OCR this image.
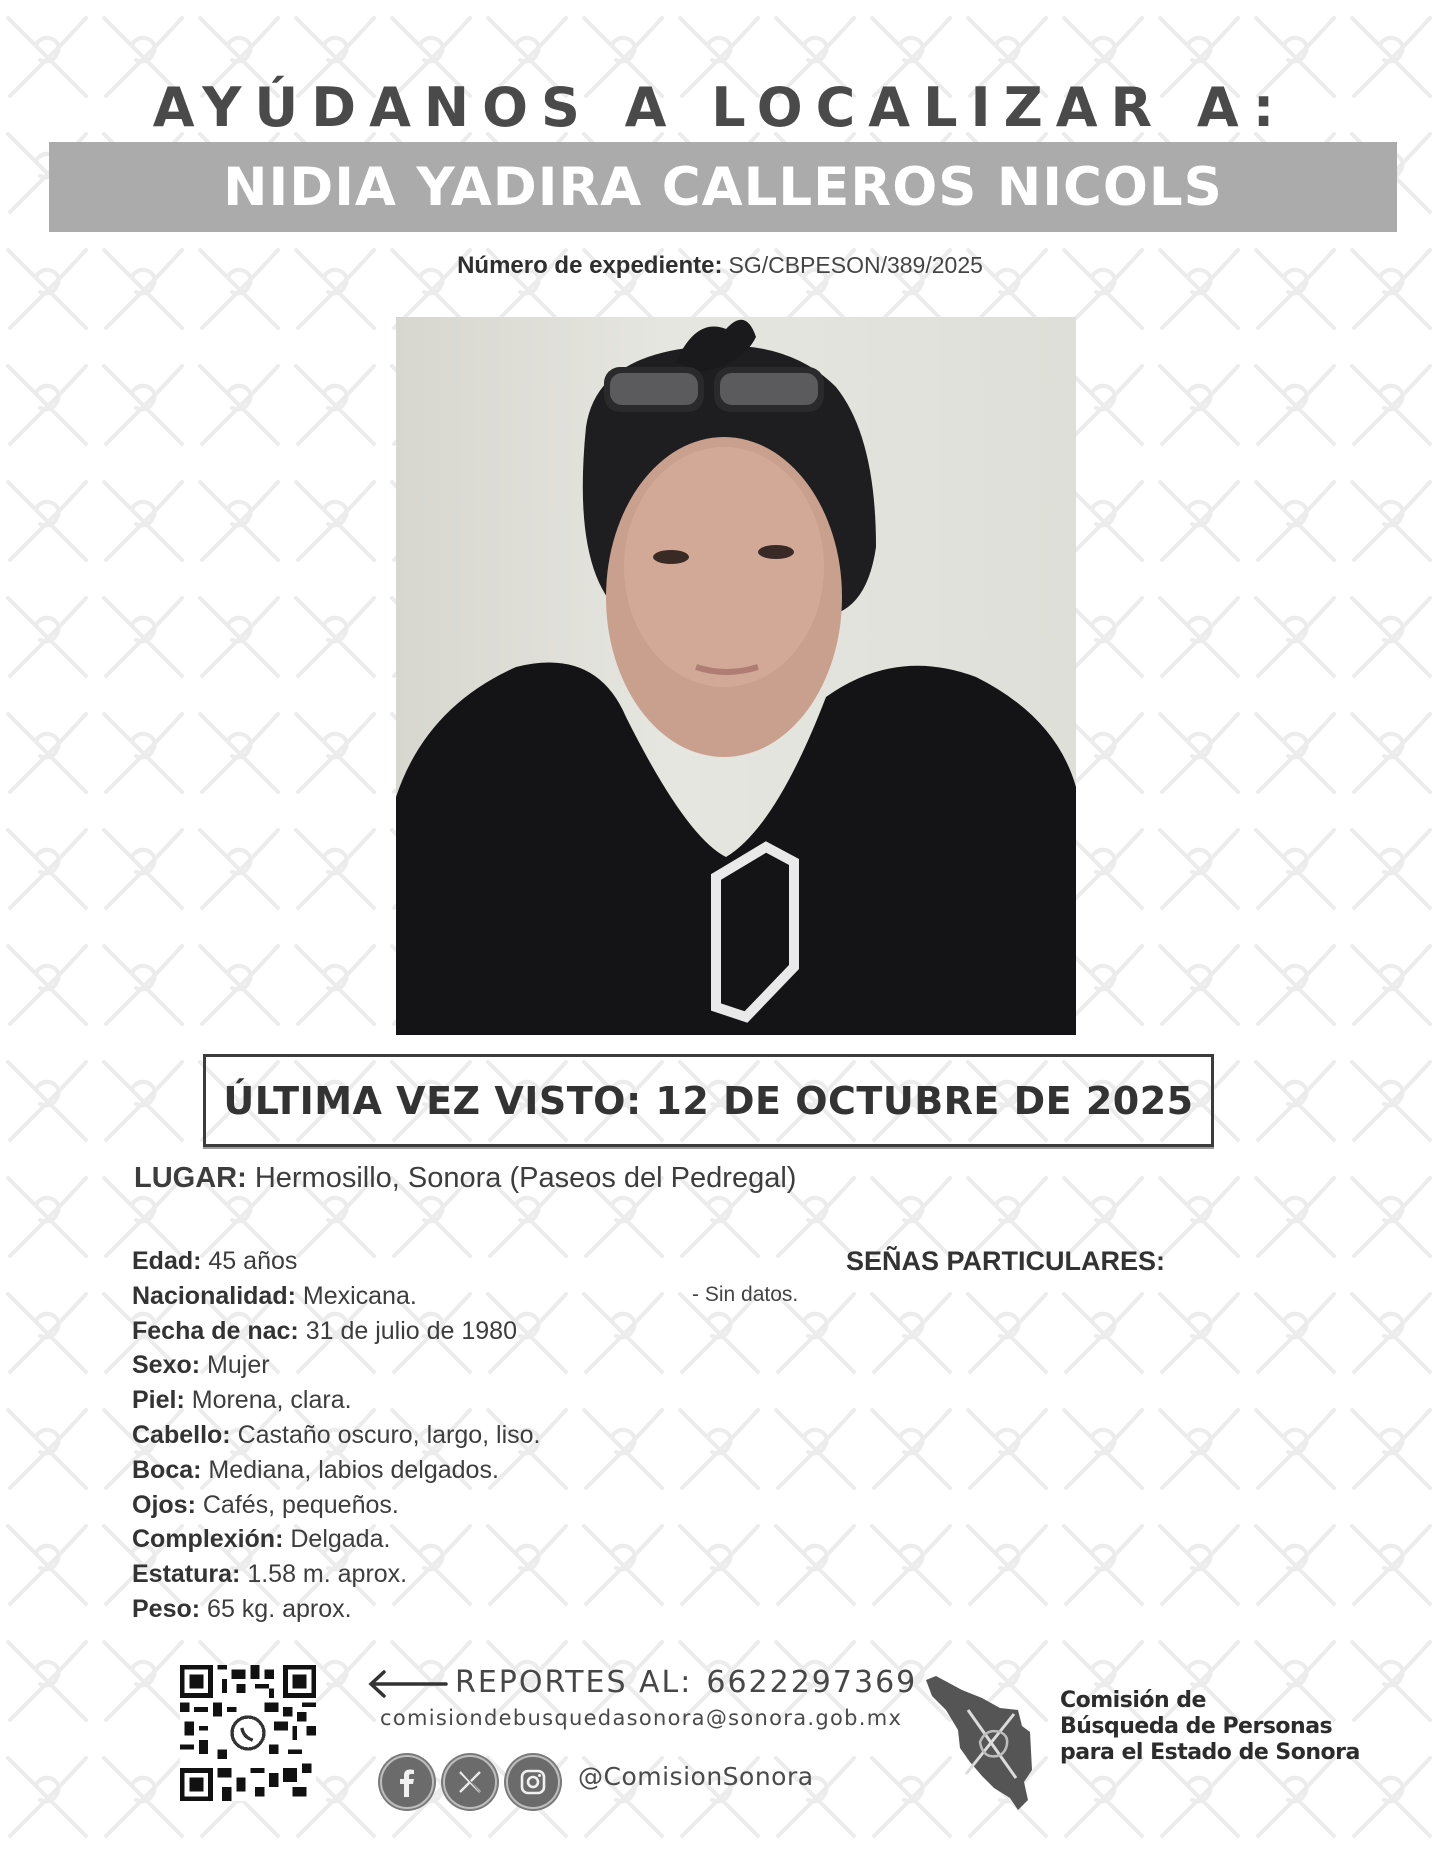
AYÚDANOS A LOCALIZAR A:
NIDIA YADIRA CALLEROS NICOLS
Número de expediente: SG/CBPESON/389/2025
ÚLTIMA VEZ VISTO: 12 DE OCTUBRE DE 2025
LUGAR: Hermosillo, Sonora (Paseos del Pedregal)
Edad: 45 años
Nacionalidad: Mexicana.
Fecha de nac: 31 de julio de 1980
Sexo: Mujer
Piel: Morena, clara.
Cabello: Castaño oscuro, largo, liso.
Boca: Mediana, labios delgados.
Ojos: Cafés, pequeños.
Complexión: Delgada.
Estatura: 1.58 m. aprox.
Peso: 65 kg. aprox.
SEÑAS PARTICULARES:
- Sin datos.
REPORTES AL: 6622297369
comisiondebusquedasonora@sonora.gob.mx
@ComisionSonora
Comisión de
Búsqueda de Personas
para el Estado de Sonora
